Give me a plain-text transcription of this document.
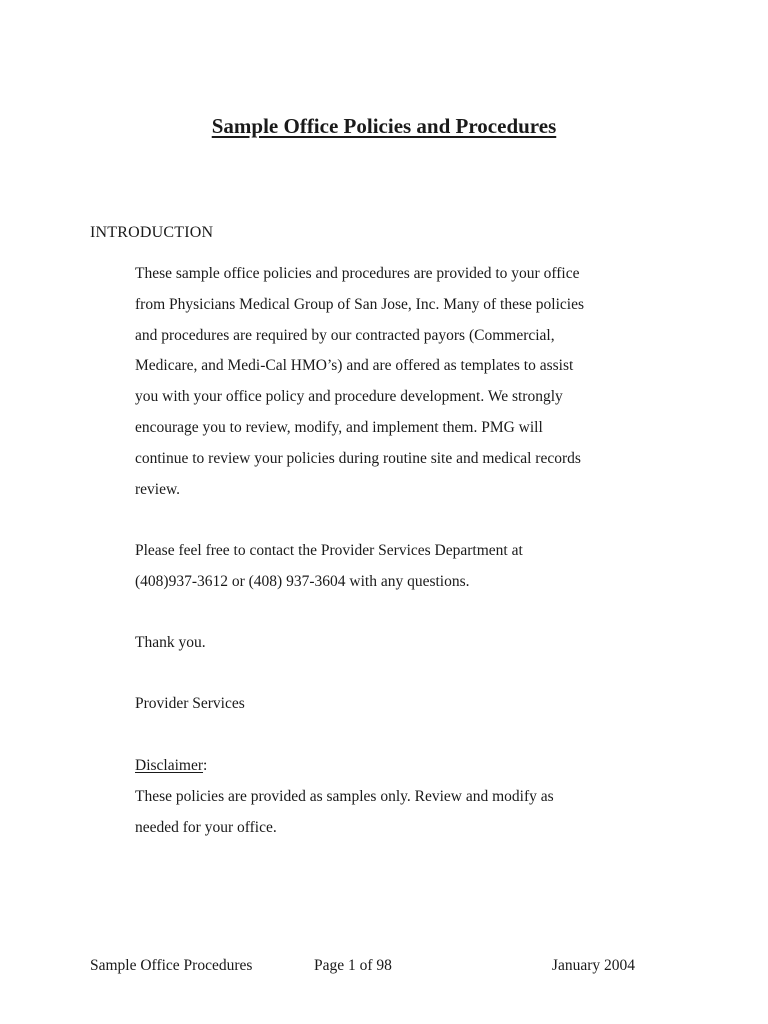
Sample Office Policies and Procedures
INTRODUCTION
These sample office policies and procedures are provided to your office
from Physicians Medical Group of San Jose, Inc. Many of these policies
and procedures are required by our contracted payors (Commercial,
Medicare, and Medi-Cal HMO’s) and are offered as templates to assist
you with your office policy and procedure development. We strongly
encourage you to review, modify, and implement them. PMG will
continue to review your policies during routine site and medical records
review.
Please feel free to contact the Provider Services Department at
(408)937-3612 or (408) 937-3604 with any questions.
Thank you.
Provider Services
Disclaimer:
These policies are provided as samples only. Review and modify as
needed for your office.
Sample Office Procedures	Page 1 of 98	January 2004
